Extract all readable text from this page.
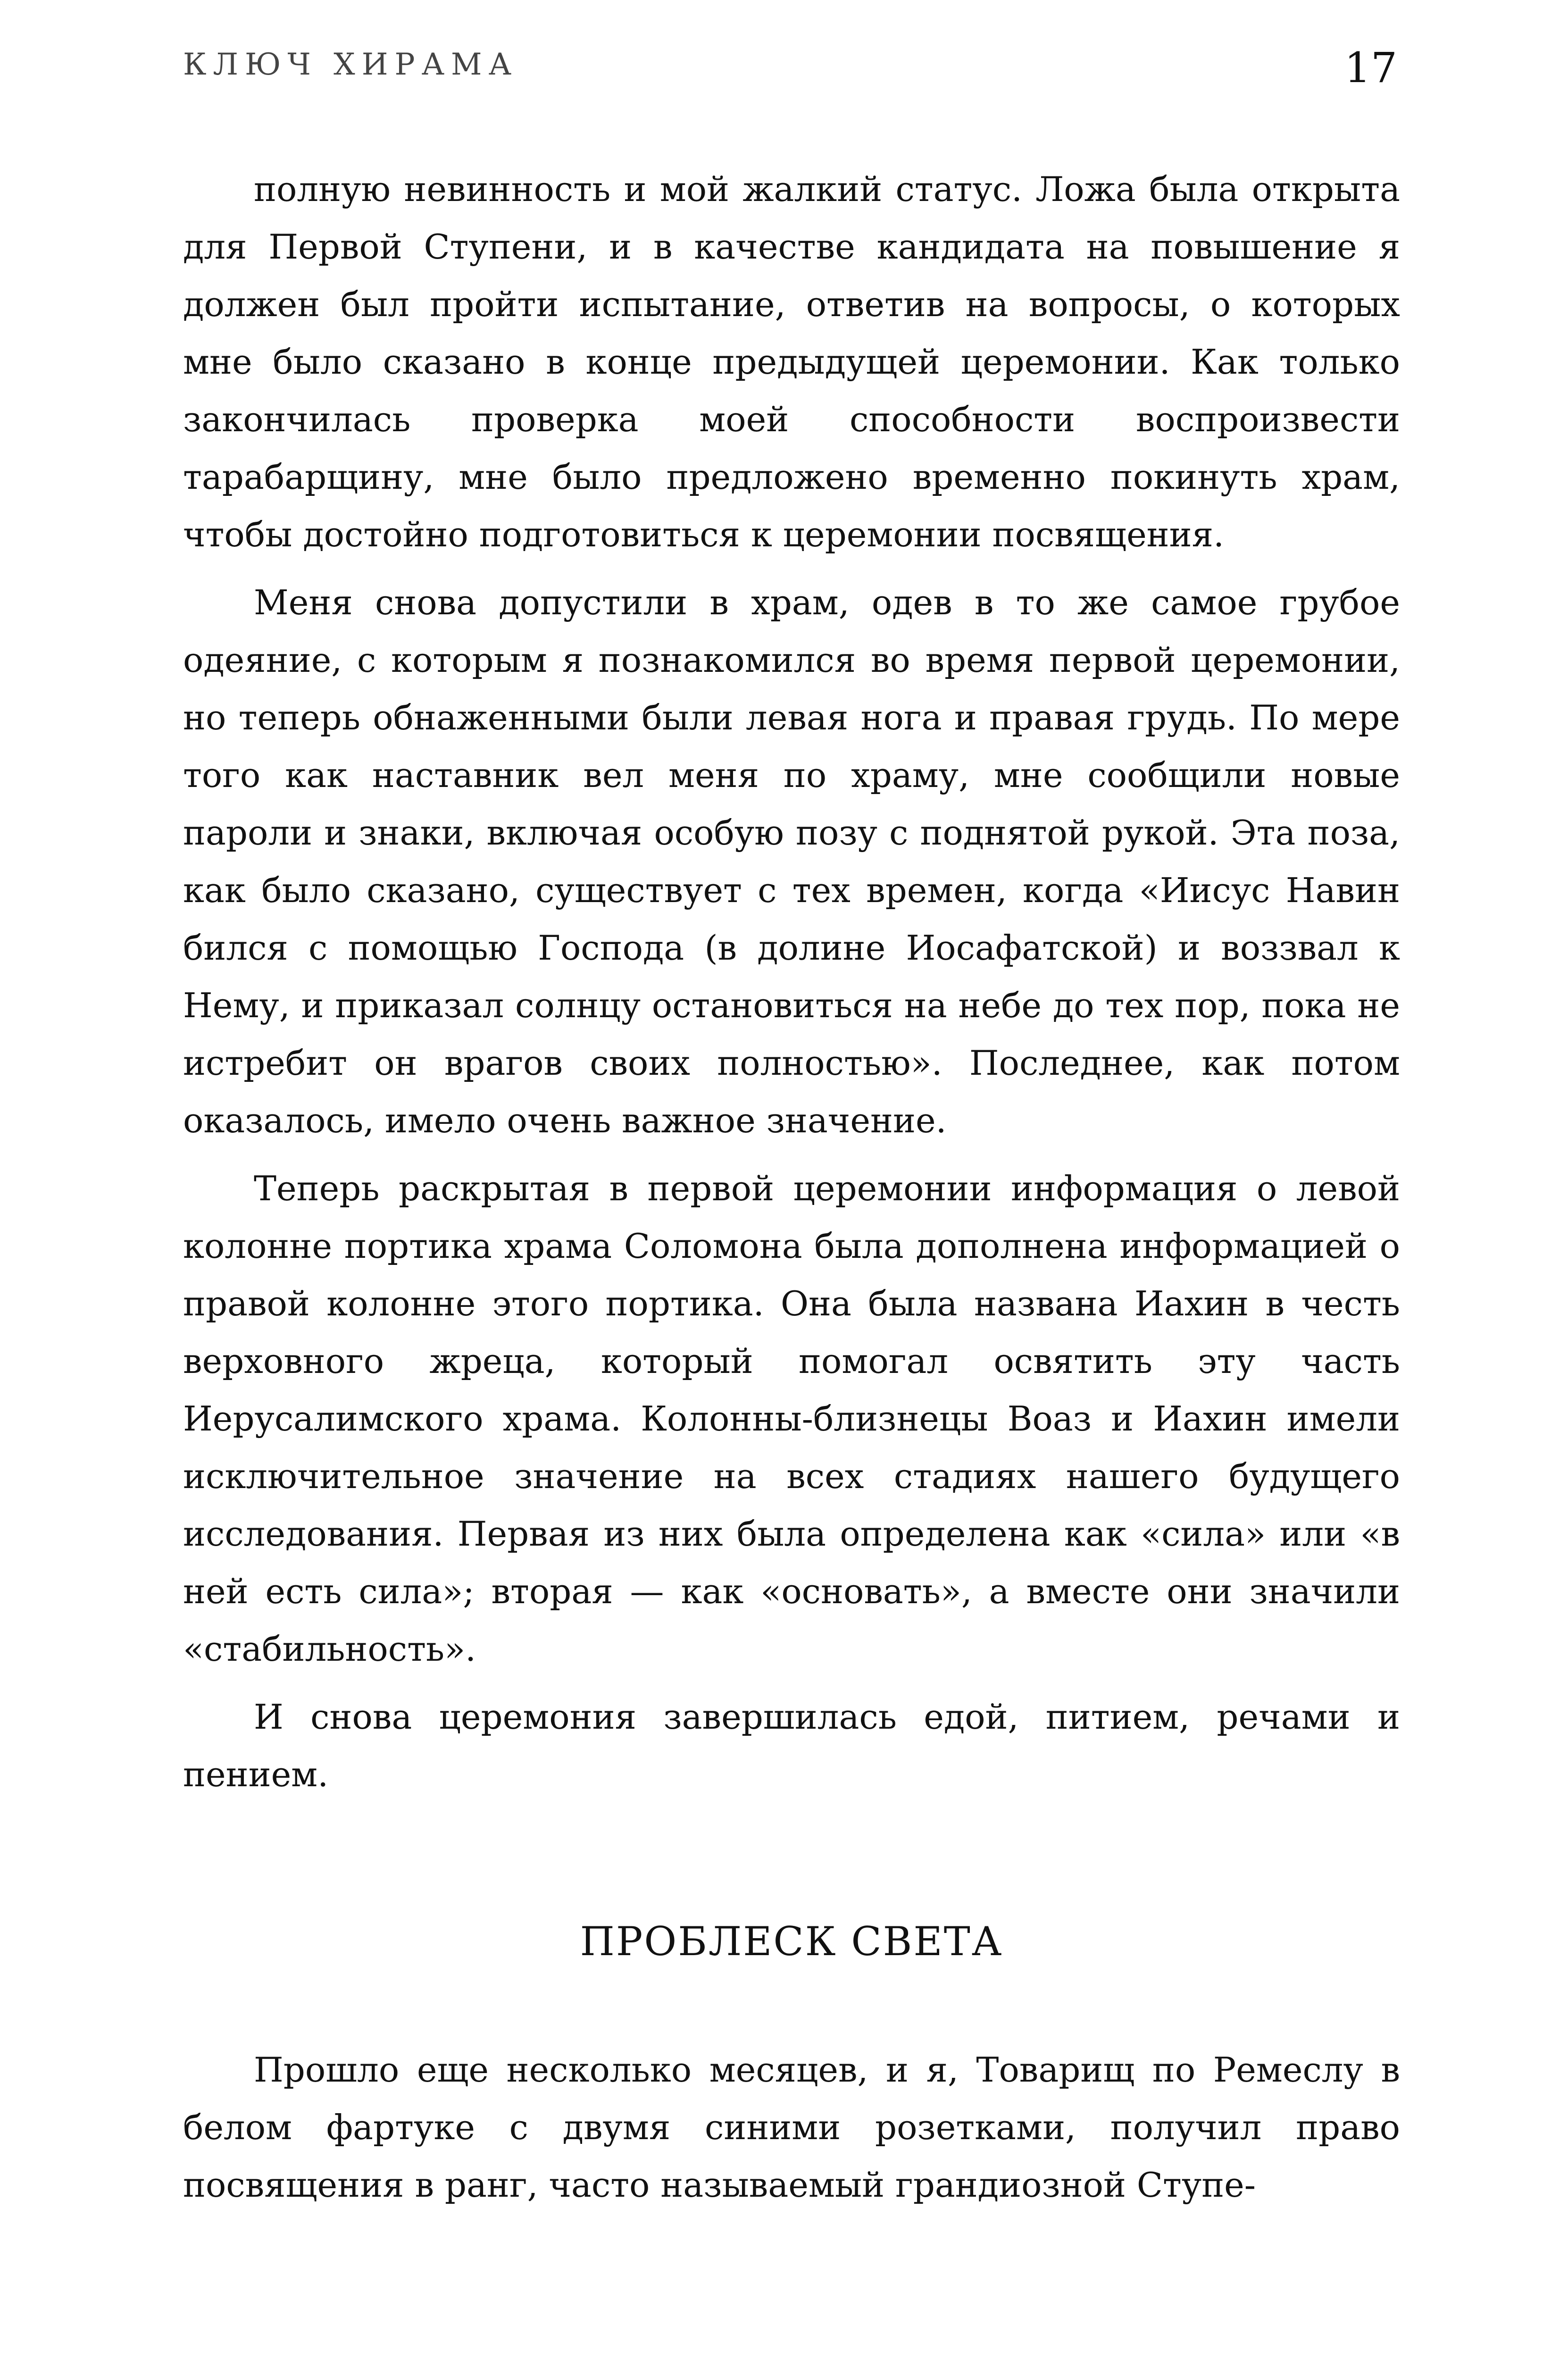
КЛЮЧ ХИРАМА	17

полную невинность и мой жалкий статус. Ложа была открыта для Первой Ступени, и в качестве кандидата на повышение я должен был пройти испытание, ответив на вопросы, о которых мне было сказано в конце предыдущей церемонии. Как только закончилась проверка моей способности воспроизвести тарабарщину, мне было предложено временно покинуть храм, чтобы достойно подготовиться к церемонии посвящения.

Меня снова допустили в храм, одев в то же самое грубое одеяние, с которым я познакомился во время первой церемонии, но теперь обнаженными были левая нога и правая грудь. По мере того как наставник вел меня по храму, мне сообщили новые пароли и знаки, включая особую позу с поднятой рукой. Эта поза, как было сказано, существует с тех времен, когда «Иисус Навин бился с помощью Господа (в долине Иосафатской) и воззвал к Нему, и приказал солнцу остановиться на небе до тех пор, пока не истребит он врагов своих полностью». Последнее, как потом оказалось, имело очень важное значение.

Теперь раскрытая в первой церемонии информация о левой колонне портика храма Соломона была дополнена информацией о правой колонне этого портика. Она была названа Иахин в честь верховного жреца, который помогал освятить эту часть Иерусалимского храма. Колонны-близнецы Воаз и Иахин имели исключительное значение на всех стадиях нашего будущего исследования. Первая из них была определена как «сила» или «в ней есть сила»; вторая — как «основать», а вместе они значили «стабильность».

И снова церемония завершилась едой, питием, речами и пением.

ПРОБЛЕСК СВЕТА

Прошло еще несколько месяцев, и я, Товарищ по Ремеслу в белом фартуке с двумя синими розетками, получил право посвящения в ранг, часто называемый грандиозной Ступе-
